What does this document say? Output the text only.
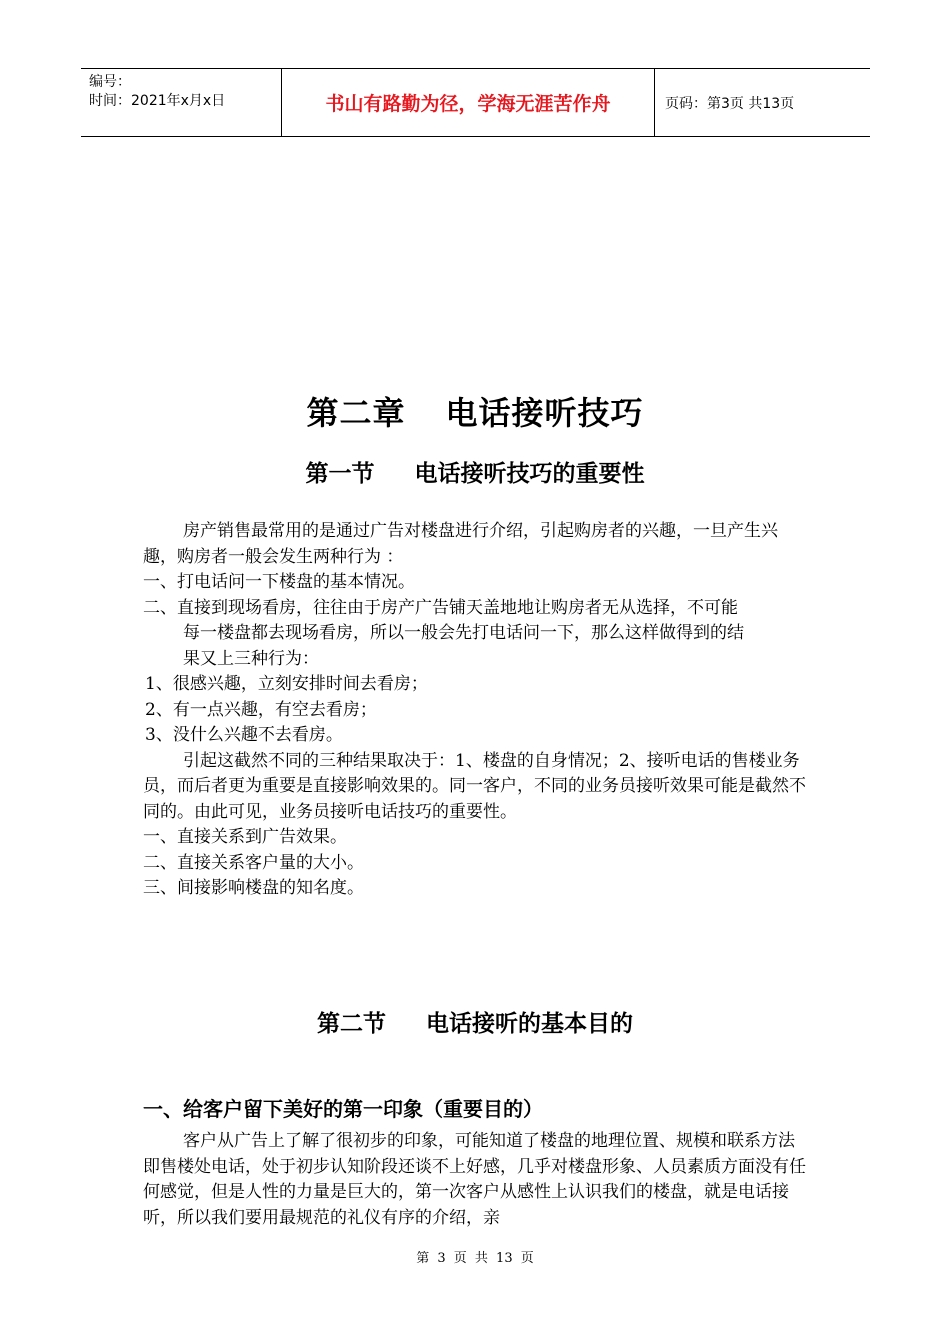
编号：
时间：2021年x月x日	书山有路勤为径，学海无涯苦作舟	页码：第3页 共13页
第二章 电话接听技巧
第一节 电话接听技巧的重要性

房产销售最常用的是通过广告对楼盘进行介绍，引起购房者的兴趣，一旦产生兴趣，购房者一般会发生两种行为 ：

一、打电话问一下楼盘的基本情况。

二、直接到现场看房，往往由于房产广告铺天盖地地让购房者无从选择，不可能

每一楼盘都去现场看房，所以一般会先打电话问一下，那么这样做得到的结

果又上三种行为：

1、很感兴趣，立刻安排时间去看房；

2、有一点兴趣，有空去看房；

3、没什么兴趣不去看房。

引起这截然不同的三种结果取决于：1、楼盘的自身情况；2、接听电话的售楼业务员，而后者更为重要是直接影响效果的。同一客户，不同的业务员接听效果可能是截然不同的。由此可见，业务员接听电话技巧的重要性。

一、直接关系到广告效果。

二、直接关系客户量的大小。

三、间接影响楼盘的知名度。

第二节 电话接听的基本目的
一、给客户留下美好的第一印象（重要目的）

客户从广告上了解了很初步的印象，可能知道了楼盘的地理位置、规模和联系方法即售楼处电话，处于初步认知阶段还谈不上好感，几乎对楼盘形象、人员素质方面没有任何感觉，但是人性的力量是巨大的，第一次客户从感性上认识我们的楼盘，就是电话接听，所以我们要用最规范的礼仪有序的介绍，亲

第 3 页 共 13 页
